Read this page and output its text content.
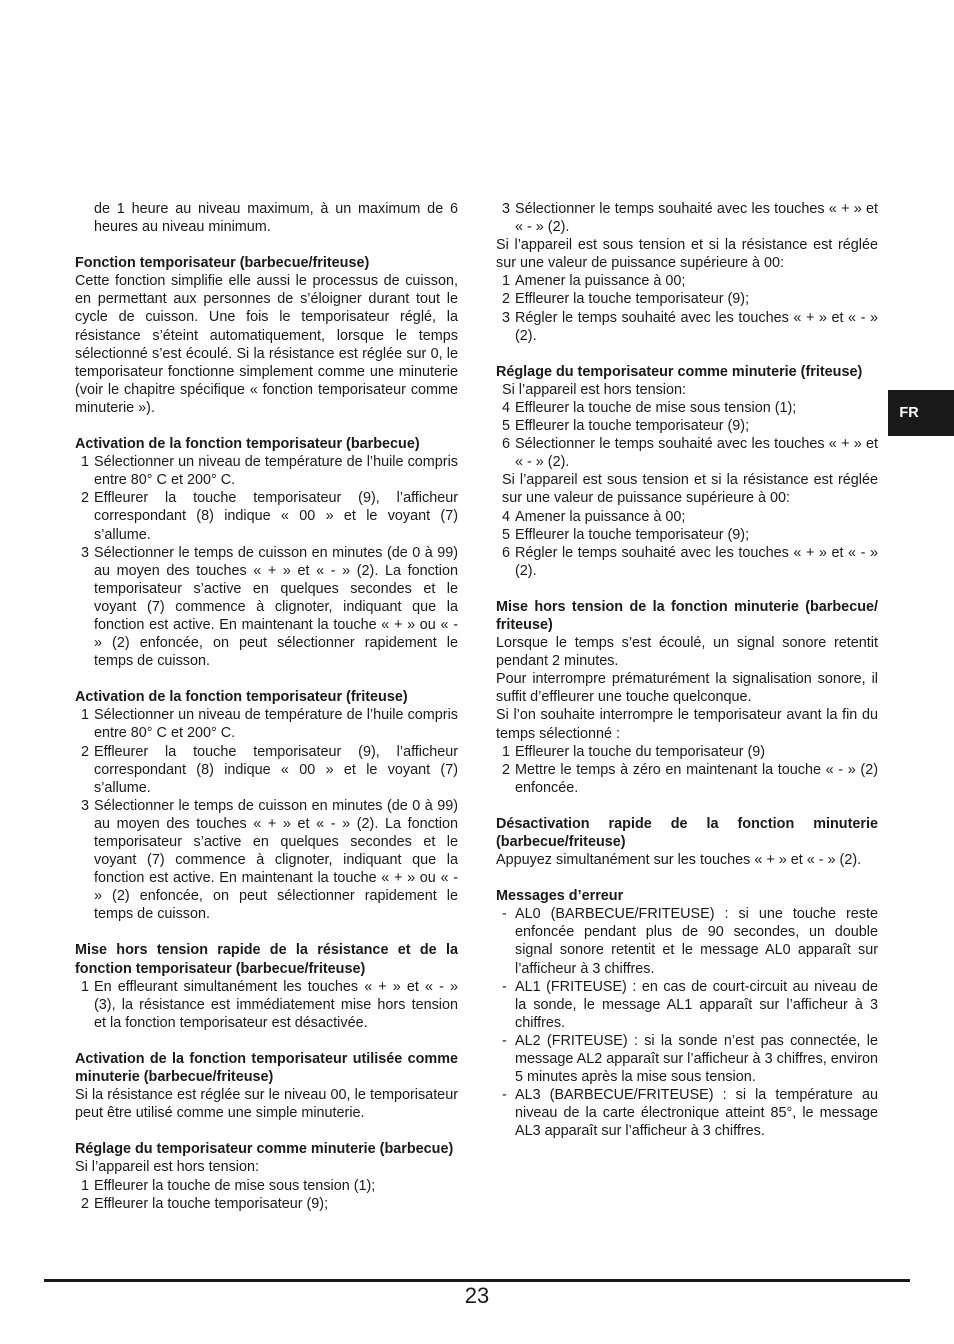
de 1 heure au niveau maximum, à un maximum de 6 heures au niveau minimum.

Fonction temporisateur (barbecue/friteuse)

Cette fonction simplifie elle aussi le processus de cuisson, en permettant aux personnes de s’éloigner durant tout le cycle de cuisson. Une fois le temporisateur réglé, la résistance s’éteint automatiquement, lorsque le temps sélectionné s’est écoulé. Si la résistance est réglée sur 0, le temporisateur fonctionne simplement comme une minuterie (voir le chapitre spécifique « fonction temporisateur comme minuterie »).

Activation de la fonction temporisateur (barbecue)
1 Sélectionner un niveau de température de l’huile compris entre 80° C et 200° C.
2 Effleurer la touche temporisateur (9), l’afficheur correspondant (8) indique « 00 » et le voyant (7) s’allume.
3 Sélectionner le temps de cuisson en minutes (de 0 à 99) au moyen des touches « + » et « - » (2). La fonction temporisateur s’active en quelques secondes et le voyant (7) commence à clignoter, indiquant que la fonction est active. En maintenant la touche « + » ou « - » (2) enfoncée, on peut sélectionner rapidement le temps de cuisson.
Activation de la fonction temporisateur (friteuse)
1 Sélectionner un niveau de température de l’huile compris entre 80° C et 200° C.
2 Effleurer la touche temporisateur (9), l’afficheur correspondant (8) indique « 00 » et le voyant (7) s’allume.
3 Sélectionner le temps de cuisson en minutes (de 0 à 99) au moyen des touches « + » et « - » (2). La fonction temporisateur s’active en quelques secondes et le voyant (7) commence à clignoter, indiquant que la fonction est active. En maintenant la touche « + » ou « - » (2) enfoncée, on peut sélectionner rapidement le temps de cuisson.
Mise hors tension rapide de la résistance et de la fonction temporisateur (barbecue/friteuse)
1 En effleurant simultanément les touches « + » et « - » (3), la résistance est immédiatement mise hors tension et la fonction temporisateur est désactivée.
Activation de la fonction temporisateur utilisée comme minuterie (barbecue/friteuse)

Si la résistance est réglée sur le niveau 00, le temporisateur peut être utilisé comme une simple minuterie.

Réglage du temporisateur comme minuterie (barbecue)

Si l’appareil est hors tension:

1 Effleurer la touche de mise sous tension (1);
2 Effleurer la touche temporisateur (9);
3 Sélectionner le temps souhaité avec les touches « + » et « - » (2).

Si l’appareil est sous tension et si la résistance est réglée sur une valeur de puissance supérieure à 00:

1 Amener la puissance à 00;
2 Effleurer la touche temporisateur (9);
3 Régler le temps souhaité avec les touches « + » et « - » (2).
Réglage du temporisateur comme minuterie (friteuse)

Si l’appareil est hors tension:

4 Effleurer la touche de mise sous tension (1);
5 Effleurer la touche temporisateur (9);
6 Sélectionner le temps souhaité avec les touches « + » et « - » (2).

Si l’appareil est sous tension et si la résistance est réglée sur une valeur de puissance supérieure à 00:

4 Amener la puissance à 00;
5 Effleurer la touche temporisateur (9);
6 Régler le temps souhaité avec les touches « + » et « - » (2).
Mise hors tension de la fonction minuterie (barbecue/ friteuse)

Lorsque le temps s’est écoulé, un signal sonore retentit pendant 2 minutes.

Pour interrompre prématurément la signalisation sonore, il suffit d’effleurer une touche quelconque.

Si l’on souhaite interrompre le temporisateur avant la fin du temps sélectionné :

1 Effleurer la touche du temporisateur (9)
2 Mettre le temps à zéro en maintenant la touche « - » (2) enfoncée.
Désactivation rapide de la fonction minuterie (barbecue/friteuse)

Appuyez simultanément sur les touches « + » et « - » (2).

Messages d’erreur
- AL0 (BARBECUE/FRITEUSE) : si une touche reste enfoncée pendant plus de 90 secondes, un double signal sonore retentit et le message AL0 apparaît sur l’afficheur à 3 chiffres.
- AL1 (FRITEUSE) : en cas de court-circuit au niveau de la sonde, le message AL1 apparaît sur l’afficheur à 3 chiffres.
- AL2 (FRITEUSE) : si la sonde n’est pas connectée, le message AL2 apparaît sur l’afficheur à 3 chiffres, environ 5 minutes après la mise sous tension.
- AL3 (BARBECUE/FRITEUSE) : si la température au niveau de la carte électronique atteint 85°, le message AL3 apparaît sur l’afficheur à 3 chiffres.
FR
23
